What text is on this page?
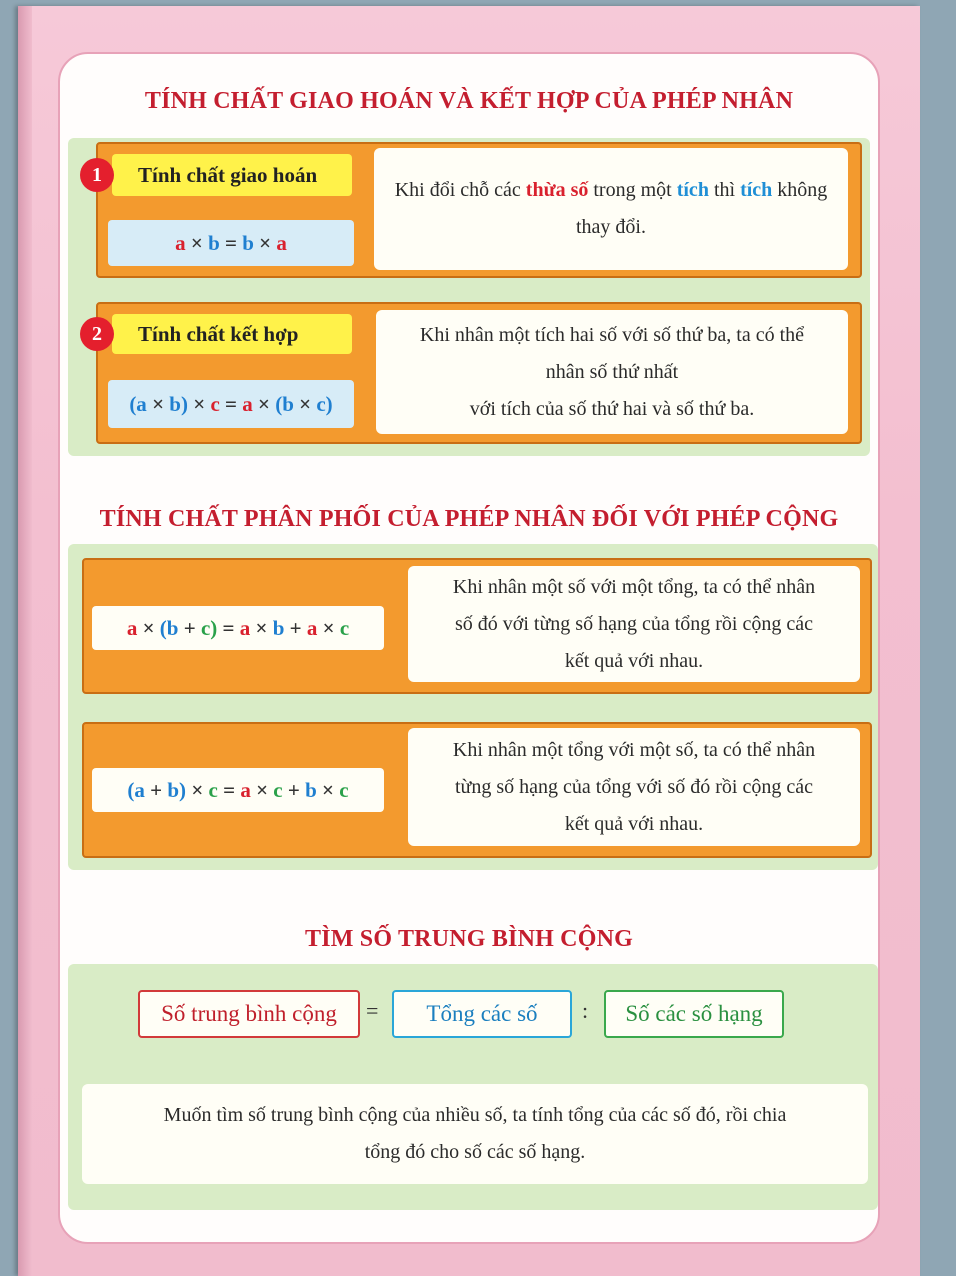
TÍNH CHẤT GIAO HOÁN VÀ KẾT HỢP CỦA PHÉP NHÂN
Tính chất giao hoán
1
a
×
b
=
b
×
a
Khi đổi chỗ các thừa số trong một tích thì tích không thay đổi.
Tính chất kết hợp
2
(a
×
b)
×
c
=
a
×
(b
×
c)
Khi nhân một tích hai số với số thứ ba, ta có thể
nhân số thứ nhất
với tích của số thứ hai và số thứ ba.
TÍNH CHẤT PHÂN PHỐI CỦA PHÉP NHÂN ĐỐI VỚI PHÉP CỘNG
a
×
(b
+
c)
=
a
×
b
+
a
×
c
Khi nhân một số với một tổng, ta có thể nhân
số đó với từng số hạng của tổng rồi cộng các
kết quả với nhau.
(a
+
b)
×
c
=
a
×
c
+
b
×
c
Khi nhân một tổng với một số, ta có thể nhân
từng số hạng của tổng với số đó rồi cộng các
kết quả với nhau.
TÌM SỐ TRUNG BÌNH CỘNG
Số trung bình cộng	=	Tổng các số	:	Số các số hạng
Muốn tìm số trung bình cộng của nhiều số, ta tính tổng của các số đó, rồi chia
tổng đó cho số các số hạng.
